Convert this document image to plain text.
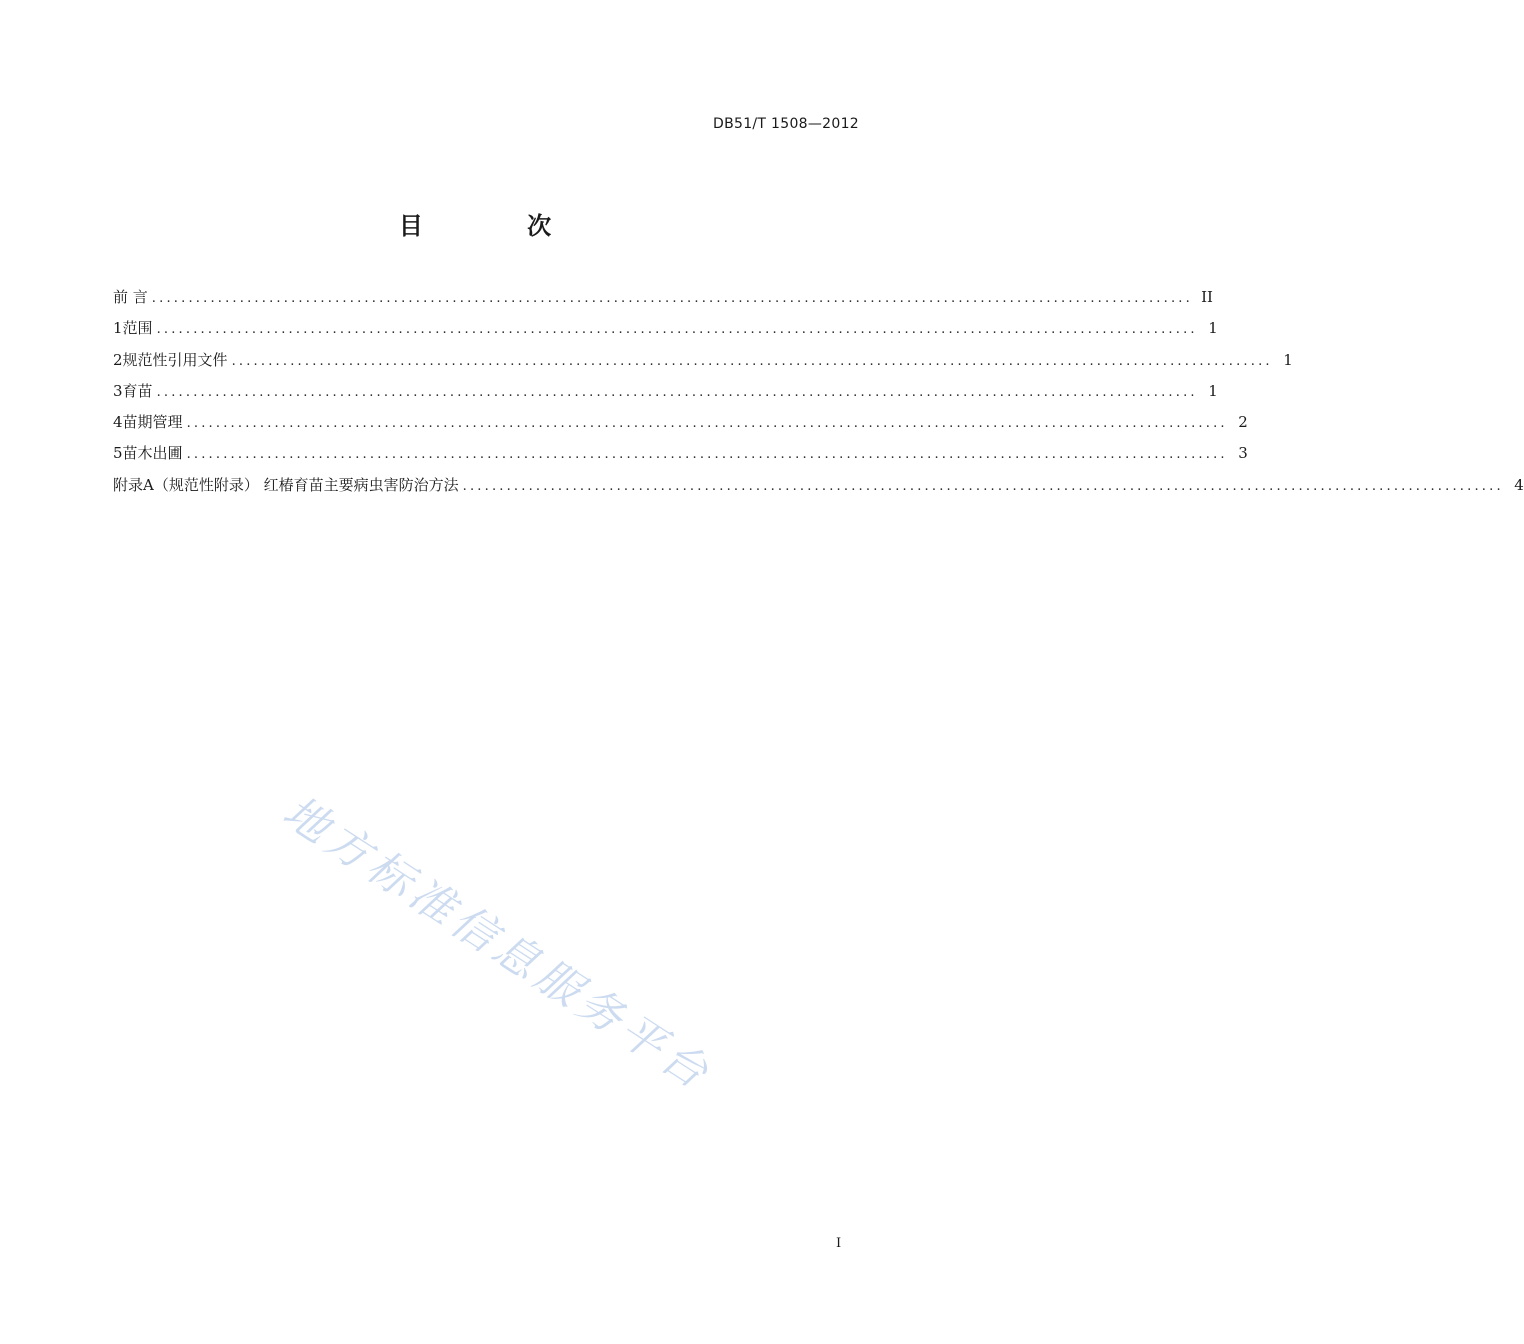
DB51/T 1508—2012
目 次
前 言 .............................................................................................................................................. II
1 范围 .............................................................................................................................................. 1
2 规范性引用文件 .............................................................................................................................................. 1
3 育苗 .............................................................................................................................................. 1
4 苗期管理 .............................................................................................................................................. 2
5 苗木出圃 .............................................................................................................................................. 3
附录A（规范性附录） 红椿育苗主要病虫害防治方法 .............................................................................................................................................. 4
地方标准信息服务平台
I
